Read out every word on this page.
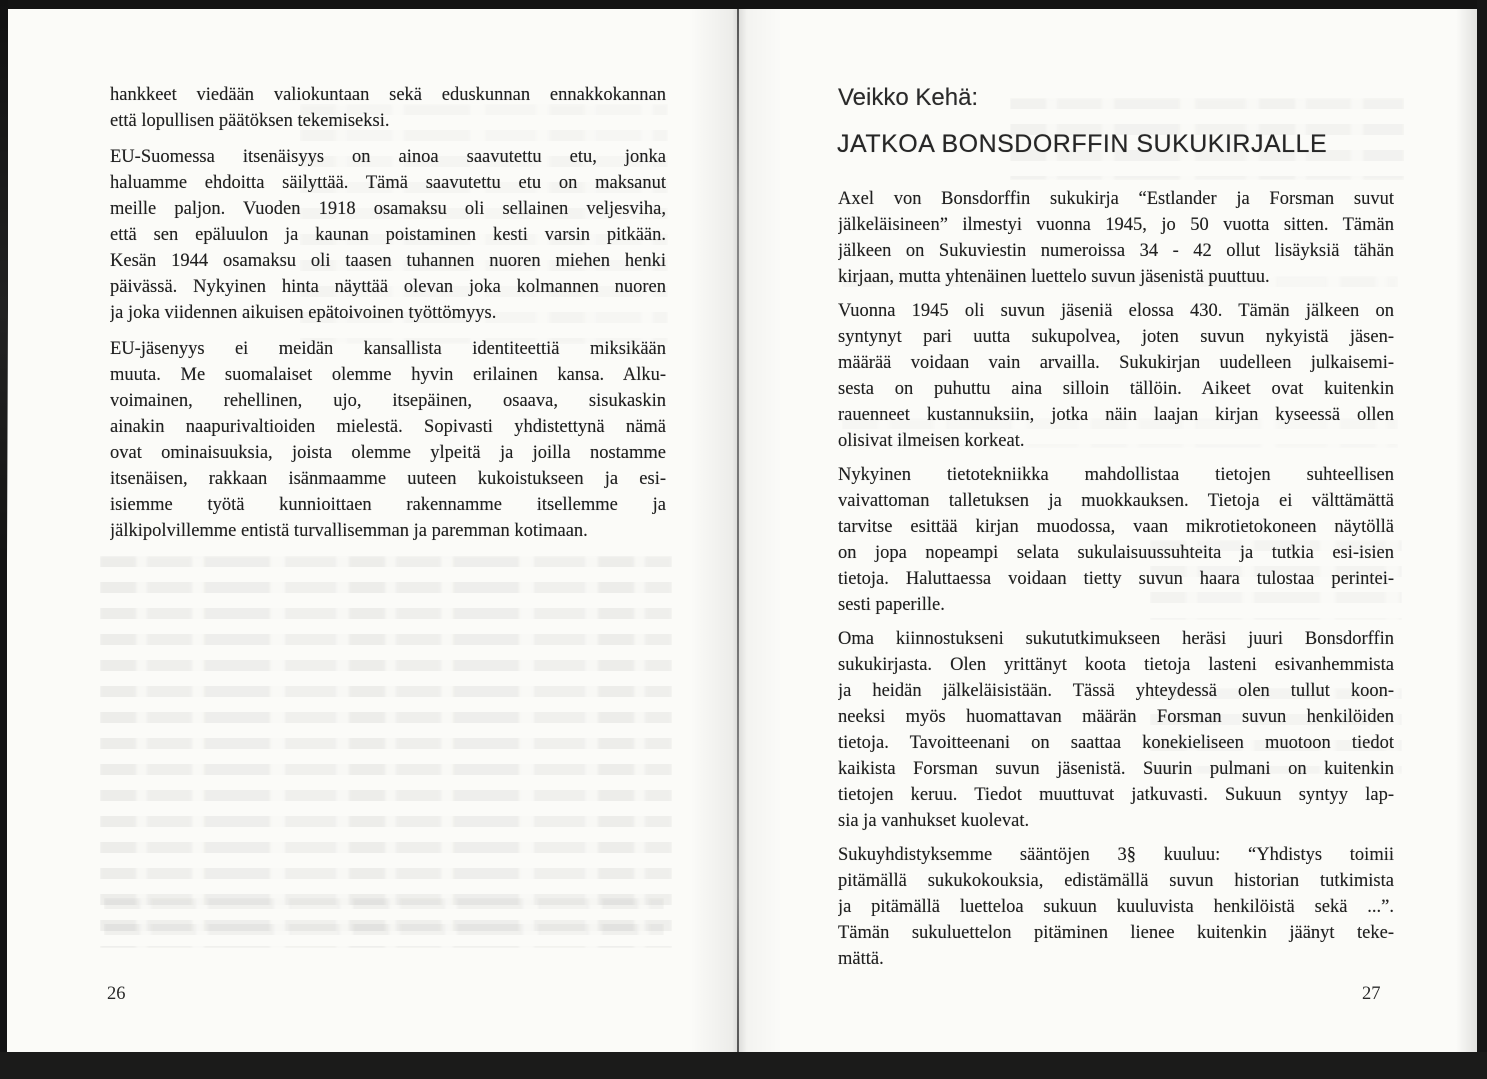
hankkeet viedään valiokuntaan sekä eduskunnan ennakkokannan
että lopullisen päätöksen tekemiseksi.
EU-Suomessa itsenäisyys on ainoa saavutettu etu, jonka
haluamme ehdoitta säilyttää. Tämä saavutettu etu on maksanut
meille paljon. Vuoden 1918 osamaksu oli sellainen veljesviha,
että sen epäluulon ja kaunan poistaminen kesti varsin pitkään.
Kesän 1944 osamaksu oli taasen tuhannen nuoren miehen henki
päivässä. Nykyinen hinta näyttää olevan joka kolmannen nuoren
ja joka viidennen aikuisen epätoivoinen työttömyys.
EU-jäsenyys ei meidän kansallista identiteettiä miksikään
muuta. Me suomalaiset olemme hyvin erilainen kansa. Alku-
voimainen, rehellinen, ujo, itsepäinen, osaava, sisukaskin
ainakin naapurivaltioiden mielestä. Sopivasti yhdistettynä nämä
ovat ominaisuuksia, joista olemme ylpeitä ja joilla nostamme
itsenäisen, rakkaan isänmaamme uuteen kukoistukseen ja esi-
isiemme työtä kunnioittaen rakennamme itsellemme ja
jälkipolvillemme entistä turvallisemman ja paremman kotimaan.
26
Veikko Kehä:
JATKOA BONSDORFFIN SUKUKIRJALLE
Axel von Bonsdorffin sukukirja “Estlander ja Forsman suvut
jälkeläisineen” ilmestyi vuonna 1945, jo 50 vuotta sitten. Tämän
jälkeen on Sukuviestin numeroissa 34 - 42 ollut lisäyksiä tähän
kirjaan, mutta yhtenäinen luettelo suvun jäsenistä puuttuu.
Vuonna 1945 oli suvun jäseniä elossa 430. Tämän jälkeen on
syntynyt pari uutta sukupolvea, joten suvun nykyistä jäsen-
määrää voidaan vain arvailla. Sukukirjan uudelleen julkaisemi-
sesta on puhuttu aina silloin tällöin. Aikeet ovat kuitenkin
rauenneet kustannuksiin, jotka näin laajan kirjan kyseessä ollen
olisivat ilmeisen korkeat.
Nykyinen tietotekniikka mahdollistaa tietojen suhteellisen
vaivattoman talletuksen ja muokkauksen. Tietoja ei välttämättä
tarvitse esittää kirjan muodossa, vaan mikrotietokoneen näytöllä
on jopa nopeampi selata sukulaisuussuhteita ja tutkia esi-isien
tietoja. Haluttaessa voidaan tietty suvun haara tulostaa perintei-
sesti paperille.
Oma kiinnostukseni sukututkimukseen heräsi juuri Bonsdorffin
sukukirjasta. Olen yrittänyt koota tietoja lasteni esivanhemmista
ja heidän jälkeläisistään. Tässä yhteydessä olen tullut koon-
neeksi myös huomattavan määrän Forsman suvun henkilöiden
tietoja. Tavoitteenani on saattaa konekieliseen muotoon tiedot
kaikista Forsman suvun jäsenistä. Suurin pulmani on kuitenkin
tietojen keruu. Tiedot muuttuvat jatkuvasti. Sukuun syntyy lap-
sia ja vanhukset kuolevat.
Sukuyhdistyksemme sääntöjen 3§ kuuluu: “Yhdistys toimii
pitämällä sukukokouksia, edistämällä suvun historian tutkimista
ja pitämällä luetteloa sukuun kuuluvista henkilöistä sekä ...”.
Tämän sukuluettelon pitäminen lienee kuitenkin jäänyt teke-
mättä.
27
